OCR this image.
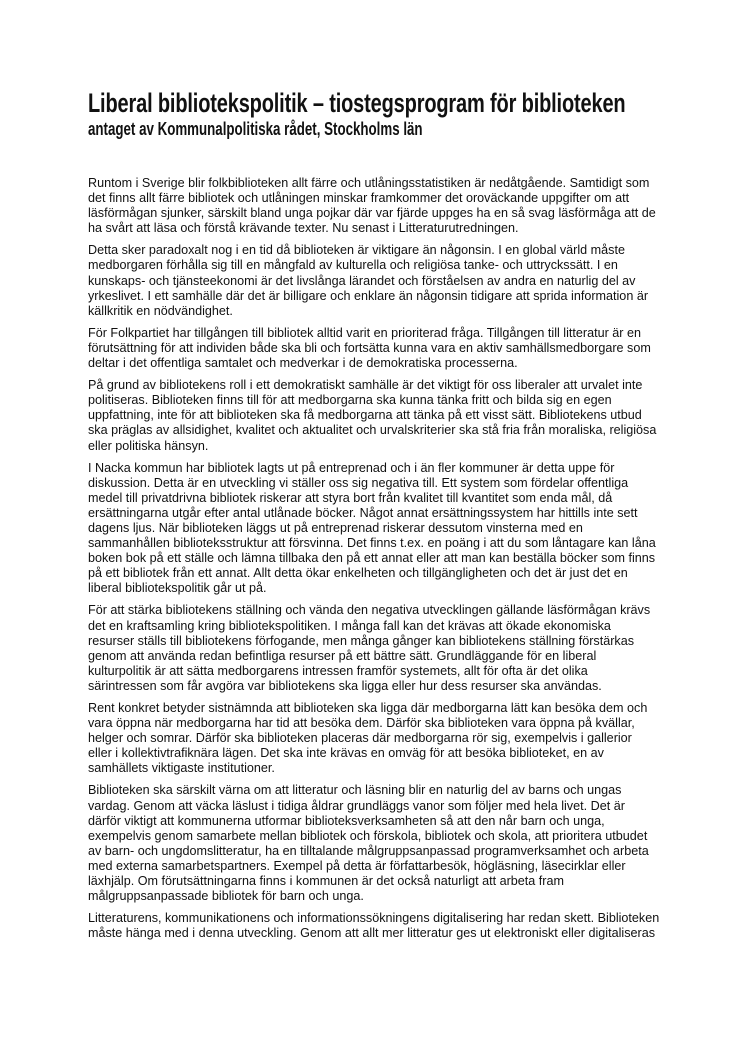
Liberal bibliotekspolitik – tiostegsprogram för biblioteken
antaget av Kommunalpolitiska rådet, Stockholms län
Runtom i Sverige blir folkbiblioteken allt färre och utlåningsstatistiken är nedåtgående. Samtidigt som
det finns allt färre bibliotek och utlåningen minskar framkommer det oroväckande uppgifter om att
läsförmågan sjunker, särskilt bland unga pojkar där var fjärde uppges ha en så svag läsförmåga att de
ha svårt att läsa och förstå krävande texter. Nu senast i Litteraturutredningen.
Detta sker paradoxalt nog i en tid då biblioteken är viktigare än någonsin. I en global värld måste
medborgaren förhålla sig till en mångfald av kulturella och religiösa tanke- och uttryckssätt. I en
kunskaps- och tjänsteekonomi är det livslånga lärandet och förståelsen av andra en naturlig del av
yrkeslivet. I ett samhälle där det är billigare och enklare än någonsin tidigare att sprida information är
källkritik en nödvändighet.
För Folkpartiet har tillgången till bibliotek alltid varit en prioriterad fråga. Tillgången till litteratur är en
förutsättning för att individen både ska bli och fortsätta kunna vara en aktiv samhällsmedborgare som
deltar i det offentliga samtalet och medverkar i de demokratiska processerna.
På grund av bibliotekens roll i ett demokratiskt samhälle är det viktigt för oss liberaler att urvalet inte
politiseras. Biblioteken finns till för att medborgarna ska kunna tänka fritt och bilda sig en egen
uppfattning, inte för att biblioteken ska få medborgarna att tänka på ett visst sätt. Bibliotekens utbud
ska präglas av allsidighet, kvalitet och aktualitet och urvalskriterier ska stå fria från moraliska, religiösa
eller politiska hänsyn.
I Nacka kommun har bibliotek lagts ut på entreprenad och i än fler kommuner är detta uppe för
diskussion. Detta är en utveckling vi ställer oss sig negativa till. Ett system som fördelar offentliga
medel till privatdrivna bibliotek riskerar att styra bort från kvalitet till kvantitet som enda mål, då
ersättningarna utgår efter antal utlånade böcker. Något annat ersättningssystem har hittills inte sett
dagens ljus. När biblioteken läggs ut på entreprenad riskerar dessutom vinsterna med en
sammanhållen biblioteksstruktur att försvinna. Det finns t.ex. en poäng i att du som låntagare kan låna
boken bok på ett ställe och lämna tillbaka den på ett annat eller att man kan beställa böcker som finns
på ett bibliotek från ett annat. Allt detta ökar enkelheten och tillgängligheten och det är just det en
liberal bibliotekspolitik går ut på.
För att stärka bibliotekens ställning och vända den negativa utvecklingen gällande läsförmågan krävs
det en kraftsamling kring bibliotekspolitiken. I många fall kan det krävas att ökade ekonomiska
resurser ställs till bibliotekens förfogande, men många gånger kan bibliotekens ställning förstärkas
genom att använda redan befintliga resurser på ett bättre sätt. Grundläggande för en liberal
kulturpolitik är att sätta medborgarens intressen framför systemets, allt för ofta är det olika
särintressen som får avgöra var bibliotekens ska ligga eller hur dess resurser ska användas.
Rent konkret betyder sistnämnda att biblioteken ska ligga där medborgarna lätt kan besöka dem och
vara öppna när medborgarna har tid att besöka dem. Därför ska biblioteken vara öppna på kvällar,
helger och somrar. Därför ska biblioteken placeras där medborgarna rör sig, exempelvis i gallerior
eller i kollektivtrafiknära lägen. Det ska inte krävas en omväg för att besöka biblioteket, en av
samhällets viktigaste institutioner.
Biblioteken ska särskilt värna om att litteratur och läsning blir en naturlig del av barns och ungas
vardag. Genom att väcka läslust i tidiga åldrar grundläggs vanor som följer med hela livet. Det är
därför viktigt att kommunerna utformar biblioteksverksamheten så att den når barn och unga,
exempelvis genom samarbete mellan bibliotek och förskola, bibliotek och skola, att prioritera utbudet
av barn- och ungdomslitteratur, ha en tilltalande målgruppsanpassad programverksamhet och arbeta
med externa samarbetspartners. Exempel på detta är författarbesök, högläsning, läsecirklar eller
läxhjälp. Om förutsättningarna finns i kommunen är det också naturligt att arbeta fram
målgruppsanpassade bibliotek för barn och unga.
Litteraturens, kommunikationens och informationssökningens digitalisering har redan skett. Biblioteken
måste hänga med i denna utveckling. Genom att allt mer litteratur ges ut elektroniskt eller digitaliseras
